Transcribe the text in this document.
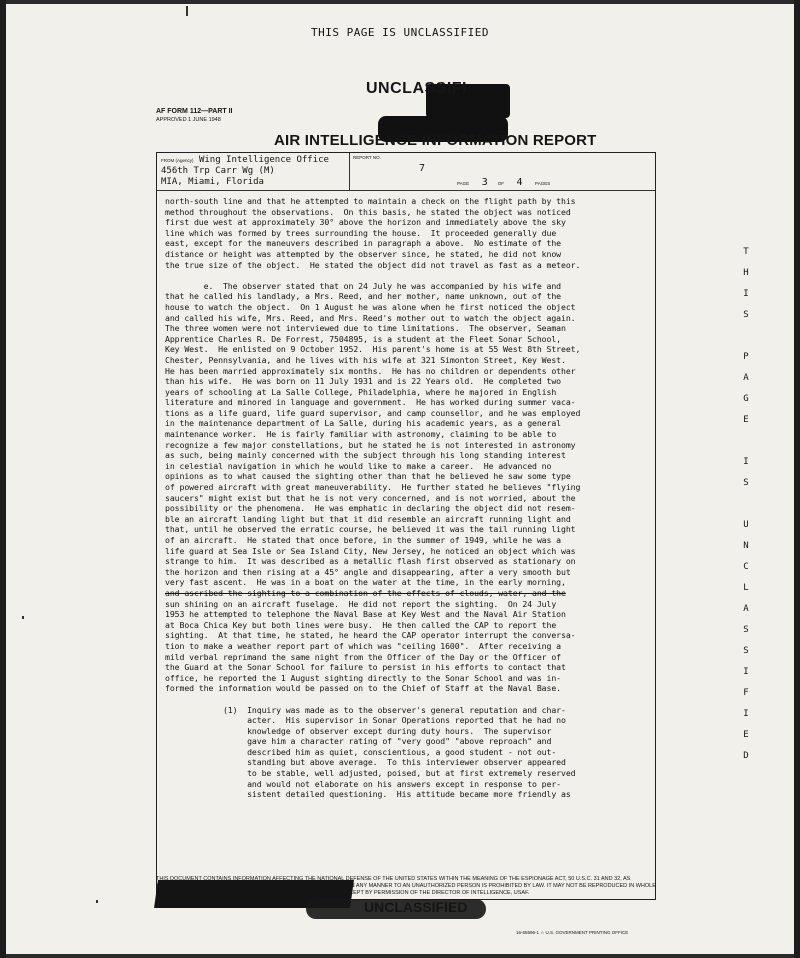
THIS PAGE IS UNCLASSIFIED
UNCLASSIFI
AF FORM 112—PART II
APPROVED 1 JUNE 1948
AIR INTELLIGENCE INFORMATION REPORT
FROM (Agency) Wing Intelligence Office
456th Trp Carr Wg (M)
MIA, Miami, Florida
REPORT NO.
7
PAGE 3 OF 4	PAGES
north-south line and that he attempted to maintain a check on the flight path by this
method throughout the observations.  On this basis, he stated the object was noticed
first due west at approximately 30° above the horizon and immediately above the sky
line which was formed by trees surrounding the house.  It proceeded generally due
east, except for the maneuvers described in paragraph a above.  No estimate of the
distance or height was attempted by the observer since, he stated, he did not know
the true size of the object.  He stated the object did not travel as fast as a meteor.

e.  The observer stated that on 24 July he was accompanied by his wife and
that he called his landlady, a Mrs. Reed, and her mother, name unknown, out of the
house to watch the object.  On 1 August he was alone when he first noticed the object
and called his wife, Mrs. Reed, and Mrs. Reed's mother out to watch the object again.
The three women were not interviewed due to time limitations.  The observer, Seaman
Apprentice Charles R. De Forrest, 7504895, is a student at the Fleet Sonar School,
Key West.  He enlisted on 9 October 1952.  His parent's home is at 55 West 8th Street,
Chester, Pennsylvania, and he lives with his wife at 321 Simonton Street, Key West.
He has been married approximately six months.  He has no children or dependents other
than his wife.  He was born on 11 July 1931 and is 22 Years old.  He completed two
years of schooling at La Salle College, Philadelphia, where he majored in English
literature and minored in language and government.  He has worked during summer vaca-
tions as a life guard, life guard supervisor, and camp counsellor, and he was employed
in the maintenance department of La Salle, during his academic years, as a general
maintenance worker.  He is fairly familiar with astronomy, claiming to be able to
recognize a few major constellations, but he stated he is not interested in astronomy
as such, being mainly concerned with the subject through his long standing interest
in celestial navigation in which he would like to make a career.  He advanced no
opinions as to what caused the sighting other than that he believed he saw some type
of powered aircraft with great maneuverability.  He further stated he believes "flying
saucers" might exist but that he is not very concerned, and is not worried, about the
possibility or the phenomena.  He was emphatic in declaring the object did not resem-
ble an aircraft landing light but that it did resemble an aircraft running light and
that, until he observed the erratic course, he believed it was the tail running light
of an aircraft.  He stated that once before, in the summer of 1949, while he was a
life guard at Sea Isle or Sea Island City, New Jersey, he noticed an object which was
strange to him.  It was described as a metallic flash first observed as stationary on
the horizon and then rising at a 45° angle and disappearing, after a very smooth but
very fast ascent.  He was in a boat on the water at the time, in the early morning,
and ascribed the sighting to a combination of the effects of clouds, water, and the
sun shining on an aircraft fuselage.  He did not report the sighting.  On 24 July
1953 he attempted to telephone the Naval Base at Key West and the Naval Air Station
at Boca Chica Key but both lines were busy.  He then called the CAP to report the
sighting.  At that time, he stated, he heard the CAP operator interrupt the conversa-
tion to make a weather report part of which was "ceiling 1600".  After receiving a
mild verbal reprimand the same night from the Officer of the Day or the Officer of
the Guard at the Sonar School for failure to persist in his efforts to contact that
office, he reported the 1 August sighting directly to the Sonar School and was in-
formed the information would be passed on to the Chief of Staff at the Naval Base.

(1)  Inquiry was made as to the observer's general reputation and char-
acter.  His supervisor in Sonar Operations reported that he had no
knowledge of observer except during duty hours.  The supervisor
gave him a character rating of "very good" "above reproach" and
described him as quiet, conscientious, a good student - not out-
standing but above average.  To this interviewer observer appeared
to be stable, well adjusted, poised, but at first extremely reserved
and would not elaborate on his answers except in response to per-
sistent detailed questioning.  His attitude became more friendly as
T
H
I
S

P
A
G
E

I
S

U
N
C
L
A
S
S
I
F
I
E
D
THIS DOCUMENT CONTAINS INFORMATION AFFECTING THE NATIONAL DEFENSE OF THE UNITED STATES WITHIN THE MEANING OF THE ESPIONAGE ACT, 50 U.S.C. 31 AND 32, AS AMENDED. ITS TRANSMISSION OR THE REVELATION OF ITS CONTENTS IN ANY MANNER TO AN UNAUTHORIZED PERSON IS PROHIBITED BY LAW. IT MAY NOT BE REPRODUCED IN WHOLE OR IN PART, BY OTHER THAN UNITED STATES AIR FORCE AGENCIES, EXCEPT BY PERMISSION OF THE DIRECTOR OF INTELLIGENCE, USAF.
UNCLASSIFIED
16-55596-1 ☆ U.S. GOVERNMENT PRINTING OFFICE
